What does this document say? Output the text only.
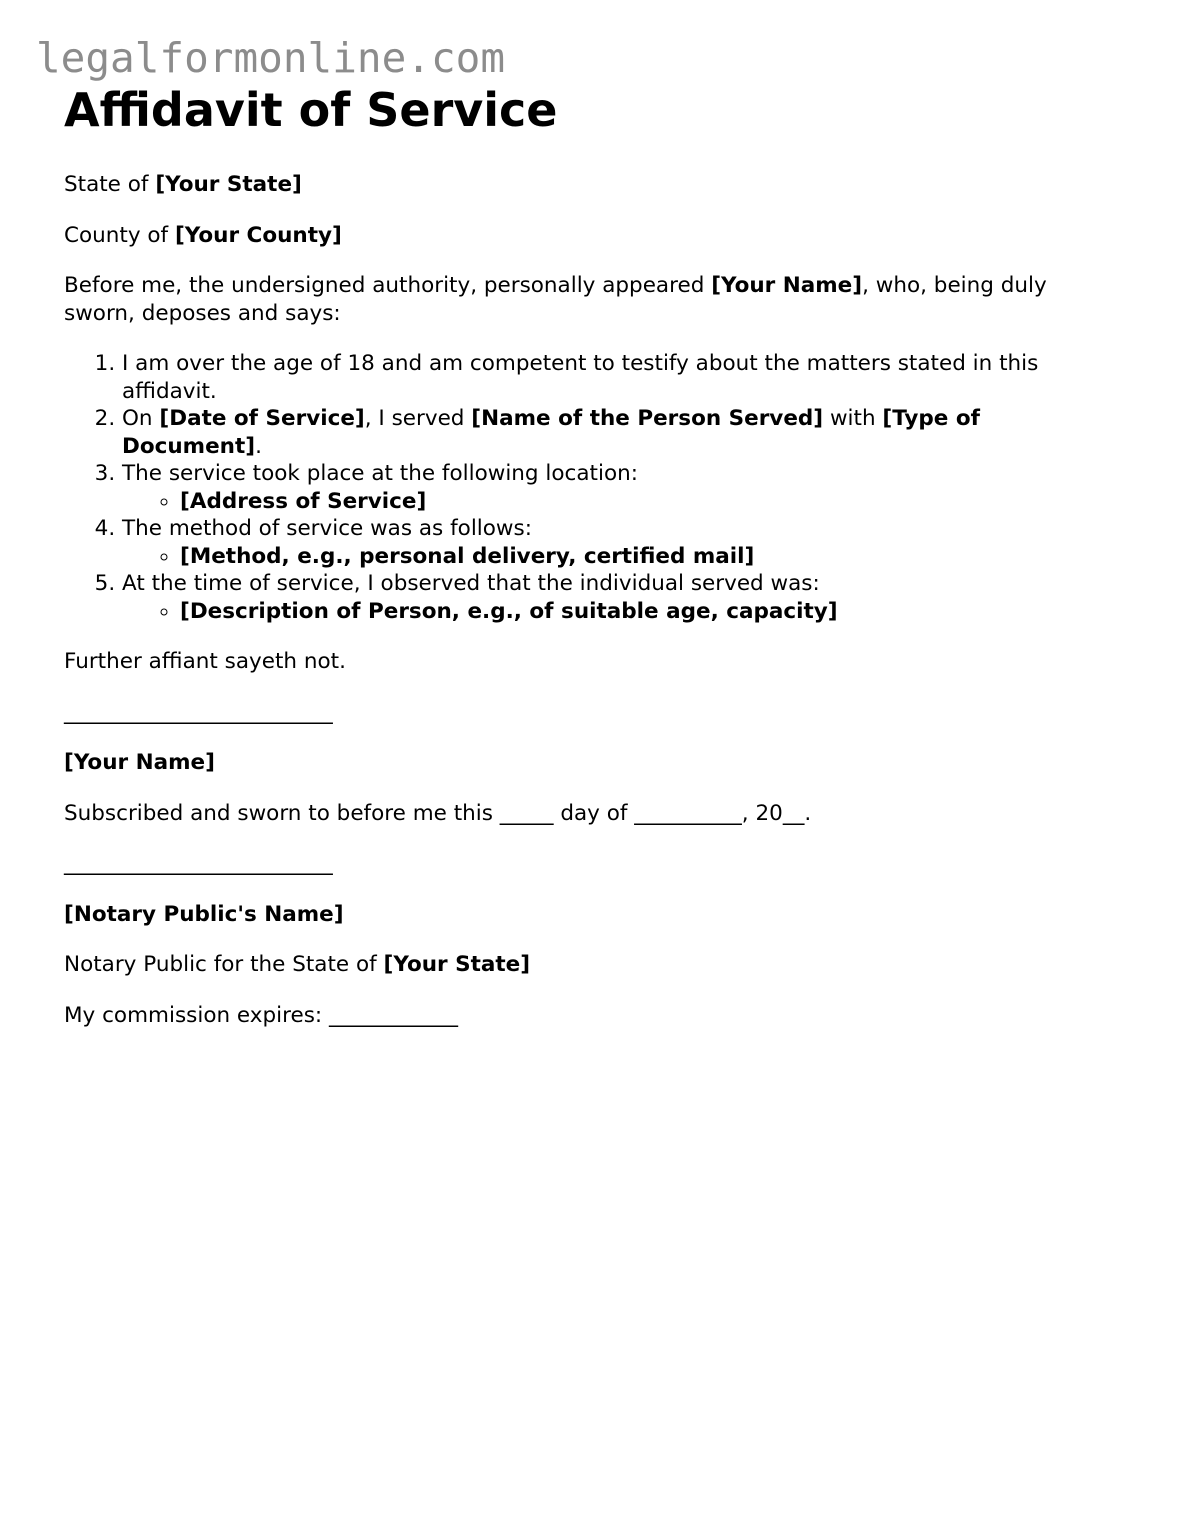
legalformonline.com
Affidavit of Service

State of [Your State]

County of [Your County]

Before me, the undersigned authority, personally appeared [Your Name], who, being duly sworn, deposes and says:

1. I am over the age of 18 and am competent to testify about the matters stated in this affidavit.
2. On [Date of Service], I served [Name of the Person Served] with [Type of Document].
3. The service took place at the following location:
◦ [Address of Service]
4. The method of service was as follows:
◦ [Method, e.g., personal delivery, certified mail]
5. At the time of service, I observed that the individual served was:
◦ [Description of Person, e.g., of suitable age, capacity]

Further affiant sayeth not.

_________________________

[Your Name]

Subscribed and sworn to before me this _____ day of __________, 20__.

_________________________

[Notary Public's Name]

Notary Public for the State of [Your State]

My commission expires: ____________
